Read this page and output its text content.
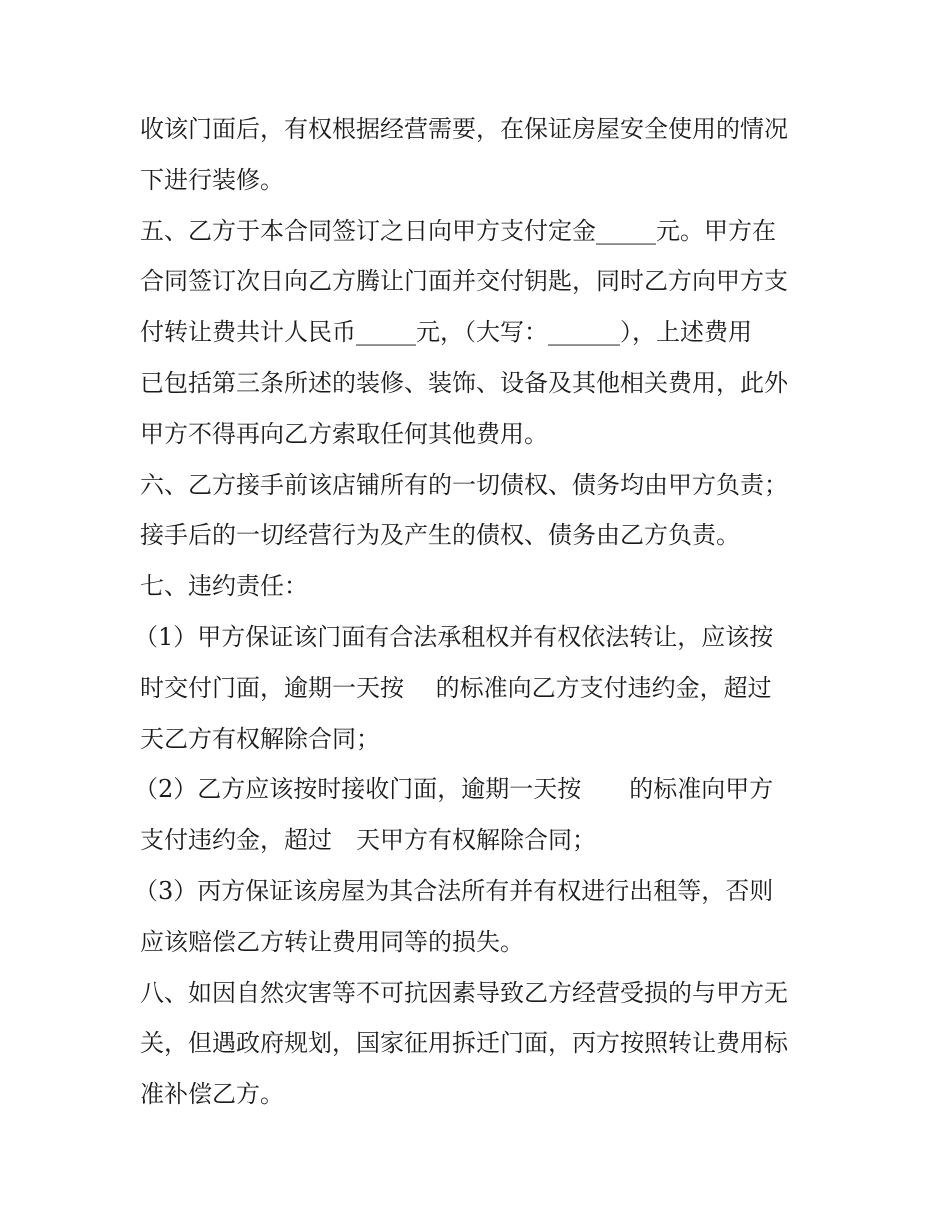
收该门面后，有权根据经营需要，在保证房屋安全使用的情况
下进行装修。
五、乙方于本合同签订之日向甲方支付定金_____元。甲方在
合同签订次日向乙方腾让门面并交付钥匙，同时乙方向甲方支
付转让费共计人民币_____元，（大写：______），上述费用
已包括第三条所述的装修、装饰、设备及其他相关费用，此外
甲方不得再向乙方索取任何其他费用。
六、乙方接手前该店铺所有的一切债权、债务均由甲方负责；
接手后的一切经营行为及产生的债权、债务由乙方负责。
七、违约责任：
（1）甲方保证该门面有合法承租权并有权依法转让，应该按
时交付门面，逾期一天按　 的标准向乙方支付违约金，超过
天乙方有权解除合同；
（2）乙方应该按时接收门面，逾期一天按　　的标准向甲方
支付违约金，超过　天甲方有权解除合同；
（3）丙方保证该房屋为其合法所有并有权进行出租等，否则
应该赔偿乙方转让费用同等的损失。
八、如因自然灾害等不可抗因素导致乙方经营受损的与甲方无
关，但遇政府规划，国家征用拆迁门面，丙方按照转让费用标
准补偿乙方。
